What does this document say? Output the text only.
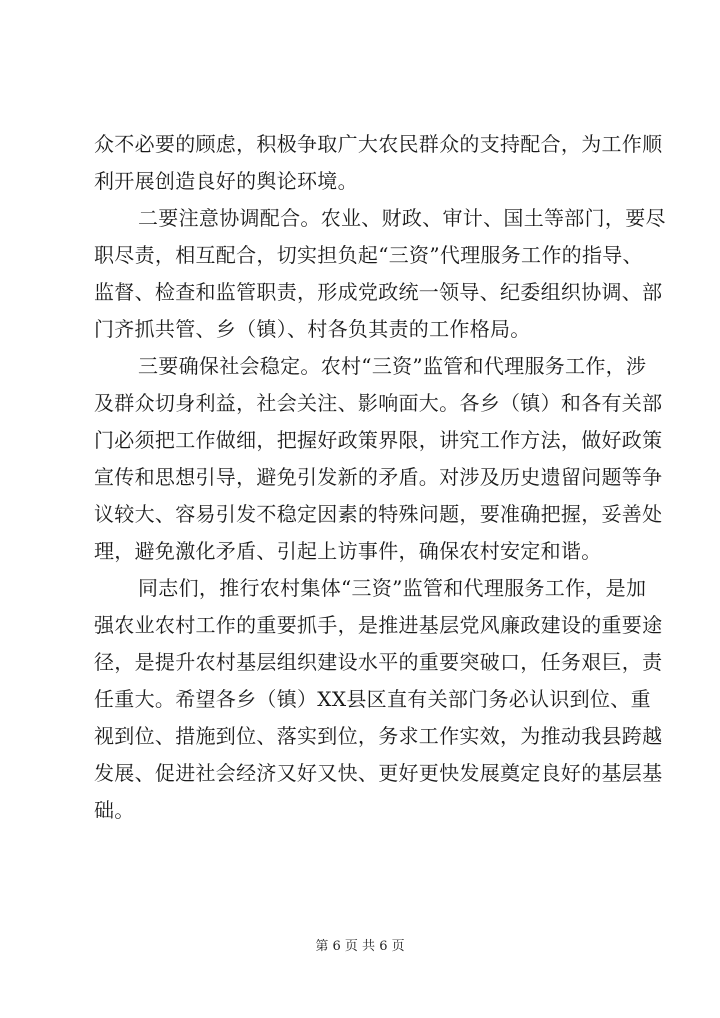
众不必要的顾虑，积极争取广大农民群众的支持配合，为工作顺
利开展创造良好的舆论环境。

二要注意协调配合。农业、财政、审计、国土等部门，要尽
职尽责，相互配合，切实担负起“三资”代理服务工作的指导、
监督、检查和监管职责，形成党政统一领导、纪委组织协调、部
门齐抓共管、乡（镇）、村各负其责的工作格局。

三要确保社会稳定。农村“三资”监管和代理服务工作，涉
及群众切身利益，社会关注、影响面大。各乡（镇）和各有关部
门必须把工作做细，把握好政策界限，讲究工作方法，做好政策
宣传和思想引导，避免引发新的矛盾。对涉及历史遗留问题等争
议较大、容易引发不稳定因素的特殊问题，要准确把握，妥善处
理，避免激化矛盾、引起上访事件，确保农村安定和谐。

同志们，推行农村集体“三资”监管和代理服务工作，是加
强农业农村工作的重要抓手，是推进基层党风廉政建设的重要途
径，是提升农村基层组织建设水平的重要突破口，任务艰巨，责
任重大。希望各乡（镇）XX县区直有关部门务必认识到位、重
视到位、措施到位、落实到位，务求工作实效，为推动我县跨越
发展、促进社会经济又好又快、更好更快发展奠定良好的基层基
础。

第 6 页 共 6 页
